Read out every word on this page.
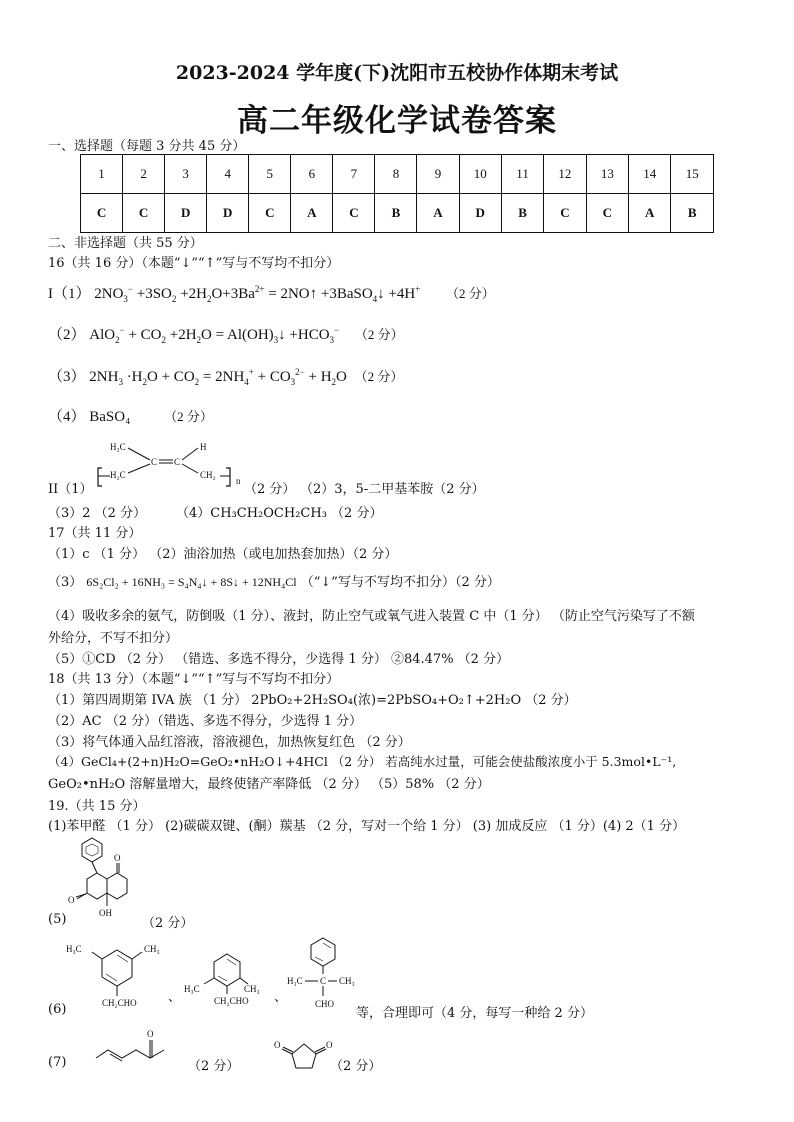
2023-2024 学年度(下)沈阳市五校协作体期末考试
高二年级化学试卷答案
一、选择题（每题 3 分共 45 分）
1	2	3	4	5	6	7	8	9	10	11	12	13	14	15
C	C	D	D	C	A	C	B	A	D	B	C	C	A	B
二、非选择题（共 55 分）
16（共 16 分）（本题“↓”“↑”写与不写均不扣分）
I（1） $2NO_3^- +3SO_2 +2H_2O+3Ba^{2+}$ = 2NO↑ +3BaSO$_4$↓ +4H+ （2 分）
（2） $AlO_2^- + CO_2 +2H_2O$ = $Al(OH)_3↓ +HCO_3^-$ （2 分）
（3） $2NH_3 \cdot H_2O + CO_2 = 2NH_4^+ + CO_3^{2-} + H_2O$ （2 分）
（4） BaSO₄	（2 分）
H₃C
H₂C
C C
H
CH₂
n
II（1）	（2 分） （2）3，5-二甲基苯胺（2 分）
（3）2 （2 分） （4）CH₃CH₂OCH₂CH₃ （2 分）
17（共 11 分）
（1）c （1 分） （2）油浴加热（或电加热套加热）（2 分）
（3） 6S₂Cl₂ + 16NH₃ = S₄N₄↓ + 8S↓ + 12NH₄Cl （“↓”写与不写均不扣分）（2 分）
（4）吸收多余的氨气，防倒吸（1 分）、液封，防止空气或氧气进入装置 C 中（1 分） （防止空气污染写了不额
外给分，不写不扣分）
（5）①CD （2 分） （错选、多选不得分，少选得 1 分） ②84.47% （2 分）
18（共 13 分）（本题“↓”“↑”写与不写均不扣分）
（1）第四周期第 IVA 族 （1 分） 2PbO₂+2H₂SO₄(浓)=2PbSO₄+O₂↑+2H₂O （2 分）
（2）AC （2 分）（错选、多选不得分，少选得 1 分）
（3）将气体通入品红溶液，溶液褪色，加热恢复红色 （2 分）
（4）GeCl₄+(2+n)H₂O=GeO₂•nH₂O↓+4HCl （2 分） 若高纯水过量，可能会使盐酸浓度小于 5.3mol•L⁻¹,
GeO₂•nH₂O 溶解量增大，最终使锗产率降低 （2 分） （5）58% （2 分）
19.（共 15 分）
(1)苯甲醛 （1 分） (2)碳碳双键、(酮）羰基 （2 分，写对一个给 1 分） (3) 加成反应 （1 分）(4) 2（1 分）
O
O
OH
(5)	（2 分）
H₃C	CH₃
CH₂CHO 、
H₃C	CH₃
CH₂CHO 、
H₃C C CH₃
CHO
(6)	等，合理即可（4 分，每写一种给 2 分）
O
(7)	（2 分）
O	O
（2 分）
